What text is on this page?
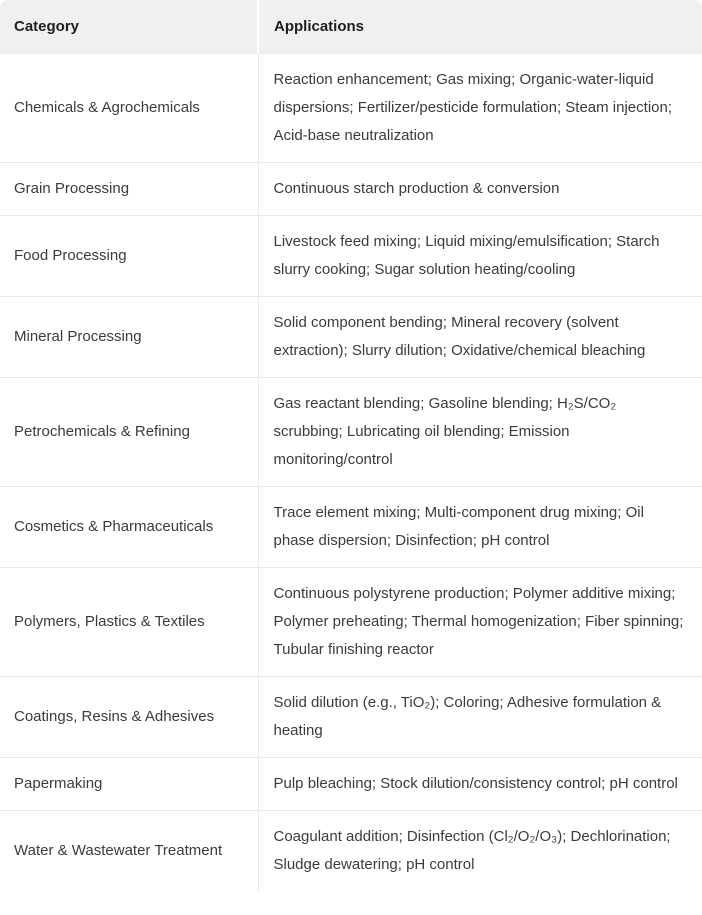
Category	Applications
Chemicals & Agrochemicals	Reaction enhancement; Gas mixing; Organic-water-liquid dispersions; Fertilizer/pesticide formulation; Steam injection; Acid-base neutralization
Grain Processing	Continuous starch production & conversion
Food Processing	Livestock feed mixing; Liquid mixing/emulsification; Starch slurry cooking; Sugar solution heating/cooling
Mineral Processing	Solid component bending; Mineral recovery (solvent extraction); Slurry dilution; Oxidative/chemical bleaching
Petrochemicals & Refining	Gas reactant blending; Gasoline blending; H₂S/CO₂ scrubbing; Lubricating oil blending; Emission monitoring/control
Cosmetics & Pharmaceuticals	Trace element mixing; Multi-component drug mixing; Oil phase dispersion; Disinfection; pH control
Polymers, Plastics & Textiles	Continuous polystyrene production; Polymer additive mixing; Polymer preheating; Thermal homogenization; Fiber spinning; Tubular finishing reactor
Coatings, Resins & Adhesives	Solid dilution (e.g., TiO₂); Coloring; Adhesive formulation & heating
Papermaking	Pulp bleaching; Stock dilution/consistency control; pH control
Water & Wastewater Treatment	Coagulant addition; Disinfection (Cl₂/O₂/O₃); Dechlorination; Sludge dewatering; pH control
